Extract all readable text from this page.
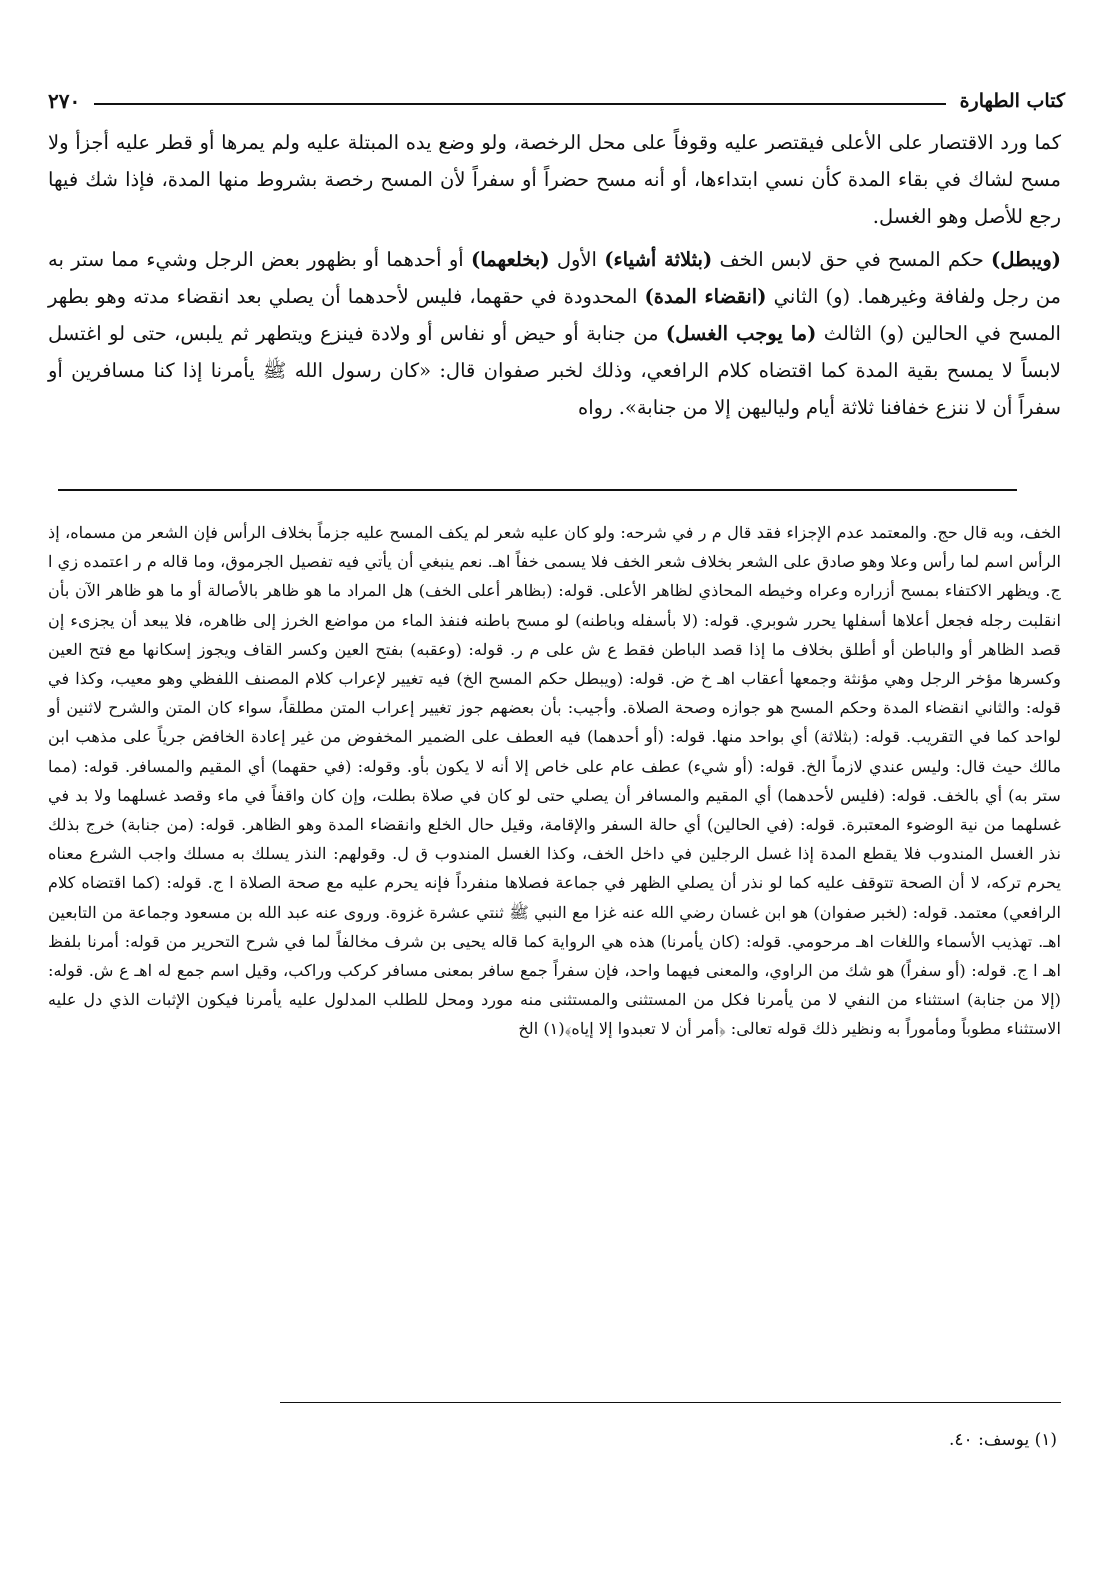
كتاب الطهارة
٢٧٠

كما ورد الاقتصار على الأعلى فيقتصر عليه وقوفاً على محل الرخصة، ولو وضع يده المبتلة عليه ولم يمرها أو قطر عليه أجزأ ولا مسح لشاك في بقاء المدة كأن نسي ابتداءها، أو أنه مسح حضراً أو سفراً لأن المسح رخصة بشروط منها المدة، فإذا شك فيها رجع للأصل وهو الغسل.

(ويبطل) حكم المسح في حق لابس الخف (بثلاثة أشياء) الأول (بخلعهما) أو أحدهما أو بظهور بعض الرجل وشيء مما ستر به من رجل ولفافة وغيرهما. (و) الثاني (انقضاء المدة) المحدودة في حقهما، فليس لأحدهما أن يصلي بعد انقضاء مدته وهو بطهر المسح في الحالين (و) الثالث (ما يوجب الغسل) من جنابة أو حيض أو نفاس أو ولادة فينزع ويتطهر ثم يلبس، حتى لو اغتسل لابساً لا يمسح بقية المدة كما اقتضاه كلام الرافعي، وذلك لخبر صفوان قال: «كان رسول الله ﷺ يأمرنا إذا كنا مسافرين أو سفراً أن لا ننزع خفافنا ثلاثة أيام ولياليهن إلا من جنابة». رواه

الخف، وبه قال حج. والمعتمد عدم الإجزاء فقد قال م ر في شرحه: ولو كان عليه شعر لم يكف المسح عليه جزماً بخلاف الرأس فإن الشعر من مسماه، إذ الرأس اسم لما رأس وعلا وهو صادق على الشعر بخلاف شعر الخف فلا يسمى خفاً اهـ. نعم ينبغي أن يأتي فيه تفصيل الجرموق، وما قاله م ر اعتمده زي ا ج. ويظهر الاكتفاء بمسح أزراره وعراه وخيطه المحاذي لظاهر الأعلى. قوله: (بظاهر أعلى الخف) هل المراد ما هو ظاهر بالأصالة أو ما هو ظاهر الآن بأن انقلبت رجله فجعل أعلاها أسفلها يحرر شوبري. قوله: (لا بأسفله وباطنه) لو مسح باطنه فنفذ الماء من مواضع الخرز إلى ظاهره، فلا يبعد أن يجزىء إن قصد الظاهر أو والباطن أو أطلق بخلاف ما إذا قصد الباطن فقط ع ش على م ر. قوله: (وعقبه) بفتح العين وكسر القاف ويجوز إسكانها مع فتح العين وكسرها مؤخر الرجل وهي مؤنثة وجمعها أعقاب اهـ خ ض. قوله: (ويبطل حكم المسح الخ) فيه تغيير لإعراب كلام المصنف اللفظي وهو معيب، وكذا في قوله: والثاني انقضاء المدة وحكم المسح هو جوازه وصحة الصلاة. وأجيب: بأن بعضهم جوز تغيير إعراب المتن مطلقاً، سواء كان المتن والشرح لاثنين أو لواحد كما في التقريب. قوله: (بثلاثة) أي بواحد منها. قوله: (أو أحدهما) فيه العطف على الضمير المخفوض من غير إعادة الخافض جرياً على مذهب ابن مالك حيث قال: وليس عندي لازماً الخ. قوله: (أو شيء) عطف عام على خاص إلا أنه لا يكون بأو. وقوله: (في حقهما) أي المقيم والمسافر. قوله: (مما ستر به) أي بالخف. قوله: (فليس لأحدهما) أي المقيم والمسافر أن يصلي حتى لو كان في صلاة بطلت، وإن كان واقفاً في ماء وقصد غسلهما ولا بد في غسلهما من نية الوضوء المعتبرة. قوله: (في الحالين) أي حالة السفر والإقامة، وقيل حال الخلع وانقضاء المدة وهو الظاهر. قوله: (من جنابة) خرج بذلك نذر الغسل المندوب فلا يقطع المدة إذا غسل الرجلين في داخل الخف، وكذا الغسل المندوب ق ل. وقولهم: النذر يسلك به مسلك واجب الشرع معناه يحرم تركه، لا أن الصحة تتوقف عليه كما لو نذر أن يصلي الظهر في جماعة فصلاها منفرداً فإنه يحرم عليه مع صحة الصلاة ا ج. قوله: (كما اقتضاه كلام الرافعي) معتمد. قوله: (لخبر صفوان) هو ابن غسان رضي الله عنه غزا مع النبي ﷺ ثنتي عشرة غزوة. وروى عنه عبد الله بن مسعود وجماعة من التابعين اهـ. تهذيب الأسماء واللغات اهـ مرحومي. قوله: (كان يأمرنا) هذه هي الرواية كما قاله يحيى بن شرف مخالفاً لما في شرح التحرير من قوله: أمرنا بلفظ اهـ ا ج. قوله: (أو سفراً) هو شك من الراوي، والمعنى فيهما واحد، فإن سفراً جمع سافر بمعنى مسافر كركب وراكب، وقيل اسم جمع له اهـ ع ش. قوله: (إلا من جنابة) استثناء من النفي لا من يأمرنا فكل من المستثنى والمستثنى منه مورد ومحل للطلب المدلول عليه يأمرنا فيكون الإثبات الذي دل عليه الاستثناء مطوباً ومأموراً به ونظير ذلك قوله تعالى: ﴿أمر أن لا تعبدوا إلا إياه﴾(١) الخ

(١) يوسف: ٤٠.
